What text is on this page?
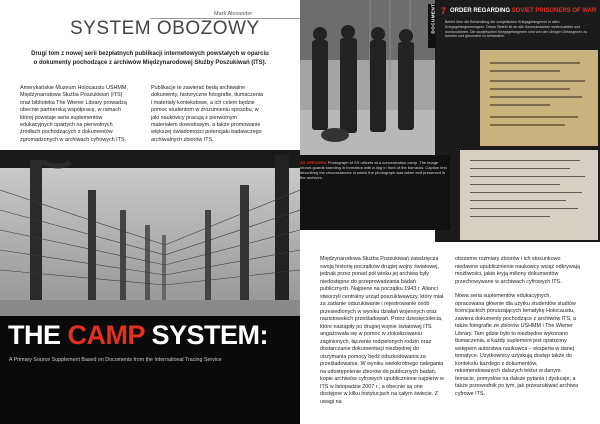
Mark Alexander
SYSTEM OBOZOWY
Drugi tom z nowej serii bezpłatnych publikacji internetowych powstałych w oparciu o dokumenty pochodzące z archiwów Międzynarodowej Służby Poszukiwań (ITS).
Amerykańskie Muzeum Holocaustu USHMM, Międzynarodowa Służba Poszukiwań (ITS) oraz biblioteka The Wiener Library prowadzą obecnie partnerską współpracę, w ramach której powstaje seria suplementów edukacyjnych opartych na pierwotnych źródłach pochodzących z dokumentów zgromadzonych w archiwach cyfrowych ITS.
Publikacje te zawierać będą archiwalne dokumenty, historyczne fotografie, tłumaczenia i materiały kontekstowe, a ich celem będzie pomoc studentom w zrozumieniu sposobu, w jaki naukowcy pracują z pierwotnym materiałem dowodowym, a także promowanie większej świadomości potencjału badawczego archiwalnych zbiorów ITS.
THE CAMP SYSTEM:
A Primary Source Supplement Based on Documents from the International Tracing Service
DOCUMENT 7 ORDER REGARDING SOVIET PRISONERS OF WAR
Befehl über die Behandlung der sowjetischen Kriegsgefangenen in allen Kriegsgefangenenlagern. Dieser Befehl ist an alle Kommandanten weiterzuleiten und durchzuführen. Die sowjetischen Kriegsgefangenen sind von den übrigen Gefangenen zu trennen und gesondert zu behandeln.
SS OFFICERS Photograph of SS officers at a concentration camp. The image shows guards standing in formation with a dog in front of the barracks. Caption text describing the circumstances in which the photograph was taken and preserved in the archives.
Międzynarodowa Służba Poszukiwań zawdzięcza swoją historię początków drugiej wojny światowej, jednak przez ponad pół wieku jej archiwa były niedostępne do przeprowadzania badań publicznych. Najpierw na początku 1943 r. Alianci stworzyli centralny urząd poszukiwawczy, który miał za zadanie odszukiwanie i rejestrowanie osób przesiedlonych w wyniku działań wojennych oraz nazistowskich prześladowań. Przez dziesięciolecia, które nastąpiły po drugiej wojnie światowej ITS angażowała się w pomoc w zlokalizowaniu zaginionych, łączenie rodzielonych rodzin oraz dostarczanie dokumentacji niezbędnej do otrzymania pomocy będź odszkodowania za prześladowania. W wyniku wielokrotnego nalegania na udostępnienie zbiorów do publicznych badań, kopie archiwów cyfrowych upublicznione najpierw w ITS w listopadzie 2007 r., a obecnie są one dostępne w kilku instytucjach na całym świecie. Z uwagi na

obszerne rozmiary zbiorów i ich stosunkowo niedawne upublicznienie naukowcy wciąż odkrywają możliwości, jakie kryją miliony dokumentów przechowywane w archiwach cyfrowych ITS.

Nowa seria suplementów edukacyjnych, opracowana głównie dla użytku studentów studiów licencjackich poruszających tematykę Holocaustu, zawiera dokumenty pochodzące z archiwów ITS, a także fotografie ze zbiorów USHMM i The Wiener Library. Tam gdzie było to niezbędne wykonano tłumaczenia, a każdy suplement jest opatrzony wstępem autorstwa naukowca – eksperta w danej tematyce. Użytkownicy uzyskują dostęp także do kontekstu każdego z dokumentów, rekomendowanych dalszych lektur w danym temacie, pomysłów na dalsze pytania i dyskusje, a także przewodnik po tym, jak przeszukiwać archiwa cyfrowe ITS.
